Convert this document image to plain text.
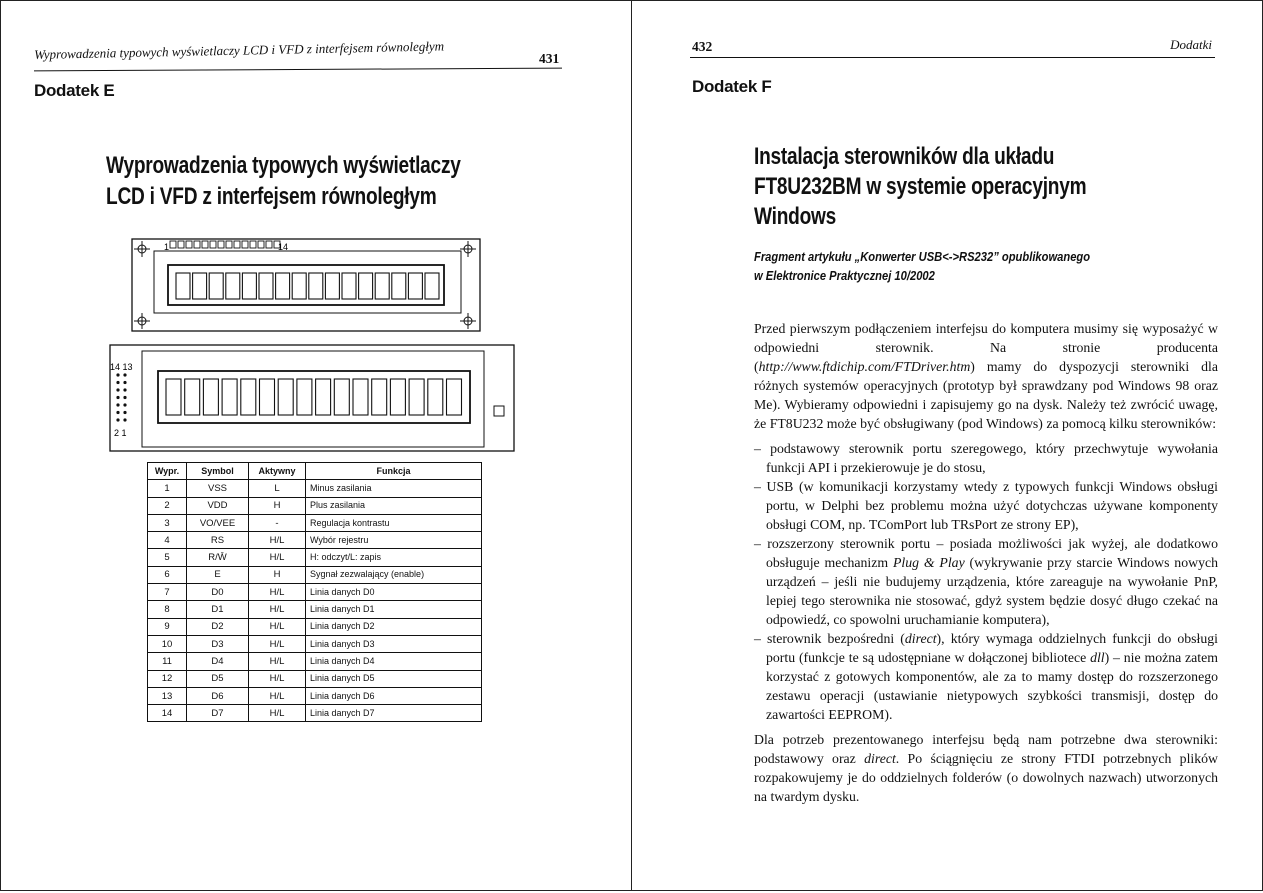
Wyprowadzenia typowych wyświetlaczy LCD i VFD z interfejsem równoległym	431
Dodatek E
Wyprowadzenia typowych wyświetlaczy
LCD i VFD z interfejsem równoległym
1	14
14 13
2 1
Wypr.	Symbol	Aktywny	Funkcja
1	VSS	L	Minus zasilania
2	VDD	H	Plus zasilania
3	VO/VEE	-	Regulacja kontrastu
4	RS	H/L	Wybór rejestru
5	R/W̄	H/L	H: odczyt/L: zapis
6	E	H	Sygnał zezwalający (enable)
7	D0	H/L	Linia danych D0
8	D1	H/L	Linia danych D1
9	D2	H/L	Linia danych D2
10	D3	H/L	Linia danych D3
11	D4	H/L	Linia danych D4
12	D5	H/L	Linia danych D5
13	D6	H/L	Linia danych D6
14	D7	H/L	Linia danych D7
432	Dodatki
Dodatek F
Instalacja sterowników dla układu
FT8U232BM w systemie operacyjnym
Windows
Fragment artykułu „Konwerter USB<->RS232” opublikowanego
w Elektronice Praktycznej 10/2002

Przed pierwszym podłączeniem interfejsu do komputera musimy się wyposażyć w odpowiedni sterownik. Na stronie producenta (http://www.ftdichip.com/FTDriver.htm) mamy do dyspozycji sterowniki dla różnych systemów operacyjnych (prototyp był sprawdzany pod Windows 98 oraz Me). Wybieramy odpowiedni i zapisujemy go na dysk. Należy też zwrócić uwagę, że FT8U232 może być obsługiwany (pod Windows) za pomocą kilku sterowników:

– podstawowy sterownik portu szeregowego, który przechwytuje wywołania funkcji API i przekierowuje je do stosu,
– USB (w komunikacji korzystamy wtedy z typowych funkcji Windows obsługi portu, w Delphi bez problemu można użyć dotychczas używane komponenty obsługi COM, np. TComPort lub TRsPort ze strony EP),
– rozszerzony sterownik portu – posiada możliwości jak wyżej, ale dodatkowo obsługuje mechanizm Plug & Play (wykrywanie przy starcie Windows nowych urządzeń – jeśli nie budujemy urządzenia, które zareaguje na wywołanie PnP, lepiej tego sterownika nie stosować, gdyż system będzie dosyć długo czekać na odpowiedź, co spowolni uruchamianie komputera),
– sterownik bezpośredni (direct), który wymaga oddzielnych funkcji do obsługi portu (funkcje te są udostępniane w dołączonej bibliotece dll) – nie można zatem korzystać z gotowych komponentów, ale za to mamy dostęp do rozszerzonego zestawu operacji (ustawianie nietypowych szybkości transmisji, dostęp do zawartości EEPROM).

Dla potrzeb prezentowanego interfejsu będą nam potrzebne dwa sterowniki: podstawowy oraz direct. Po ściągnięciu ze strony FTDI potrzebnych plików rozpakowujemy je do oddzielnych folderów (o dowolnych nazwach) utworzonych na twardym dysku.
